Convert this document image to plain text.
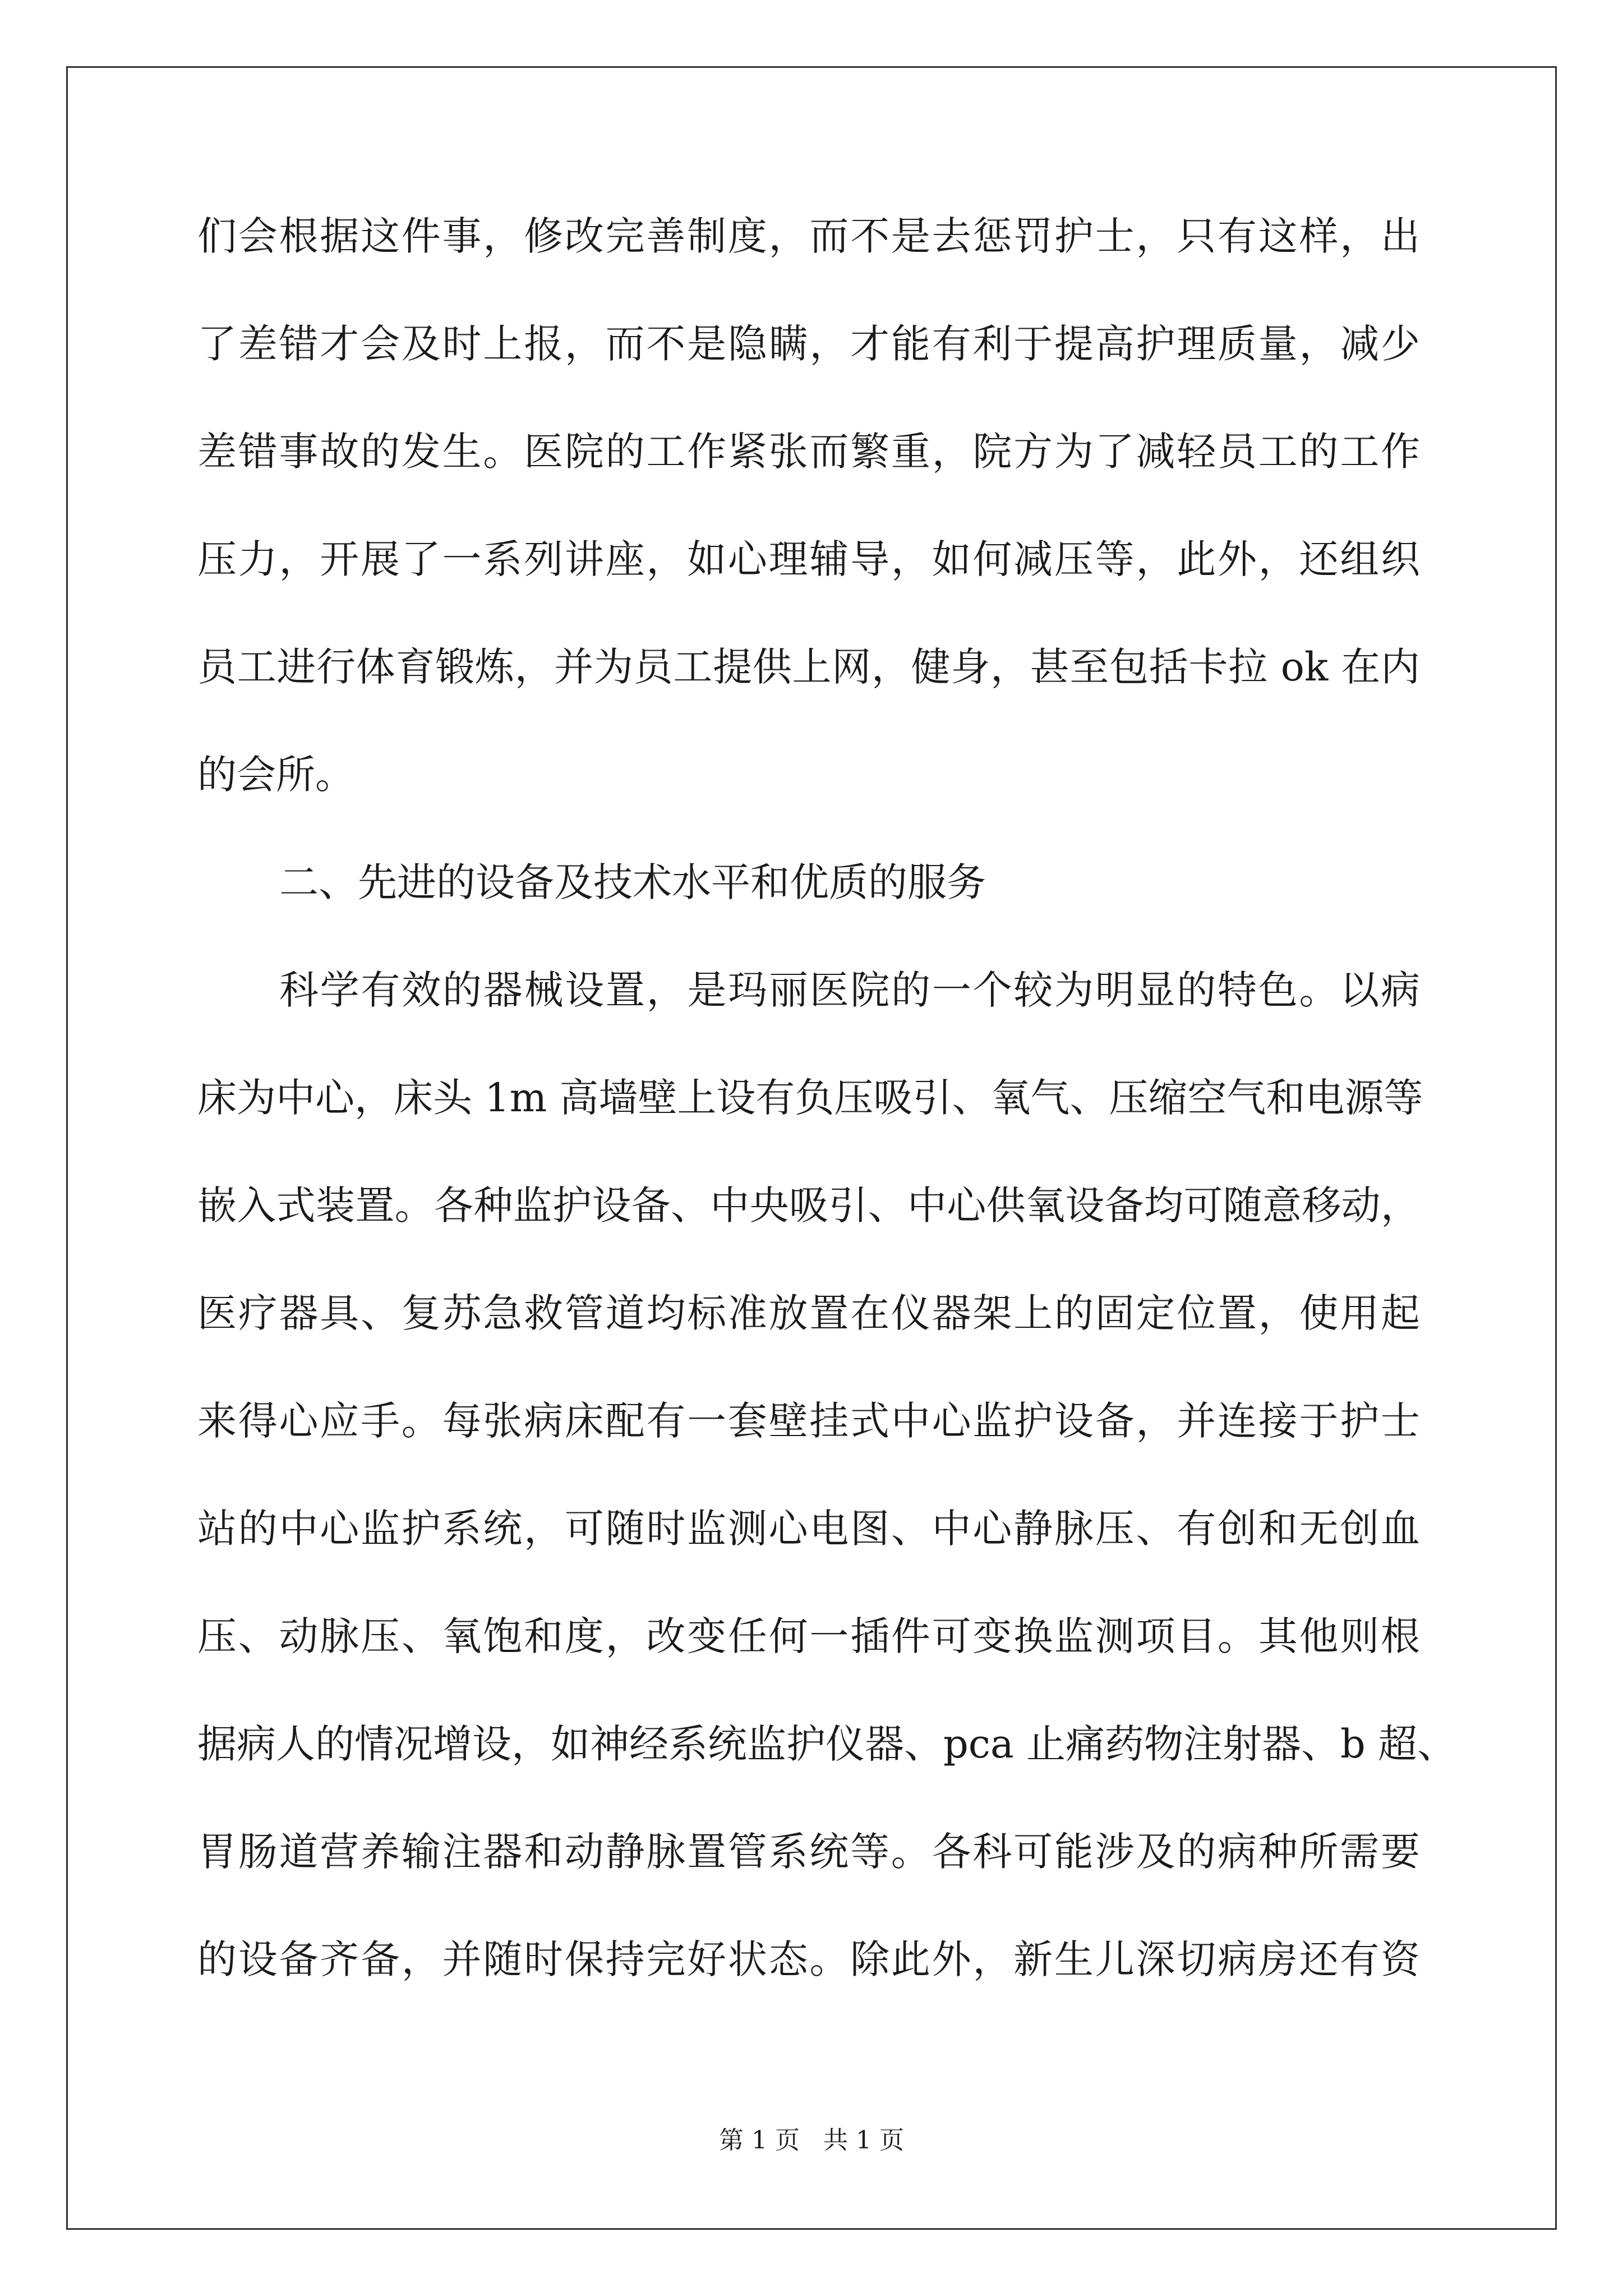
们会根据这件事，修改完善制度，而不是去惩罚护士，只有这样，出
了差错才会及时上报，而不是隐瞒，才能有利于提高护理质量，减少
差错事故的发生。医院的工作紧张而繁重，院方为了减轻员工的工作
压力，开展了一系列讲座，如心理辅导，如何减压等，此外，还组织
员工进行体育锻炼，并为员工提供上网，健身，甚至包括卡拉 ok 在内
的会所。
二、先进的设备及技术水平和优质的服务
科学有效的器械设置，是玛丽医院的一个较为明显的特色。以病
床为中心，床头 1m 高墙壁上设有负压吸引、氧气、压缩空气和电源等
嵌入式装置。各种监护设备、中央吸引、中心供氧设备均可随意移动，
医疗器具、复苏急救管道均标准放置在仪器架上的固定位置，使用起
来得心应手。每张病床配有一套壁挂式中心监护设备，并连接于护士
站的中心监护系统，可随时监测心电图、中心静脉压、有创和无创血
压、动脉压、氧饱和度，改变任何一插件可变换监测项目。其他则根
据病人的情况增设，如神经系统监护仪器、pca 止痛药物注射器、b 超、
胃肠道营养输注器和动静脉置管系统等。各科可能涉及的病种所需要
的设备齐备，并随时保持完好状态。除此外，新生儿深切病房还有资
第 1 页   共 1 页
